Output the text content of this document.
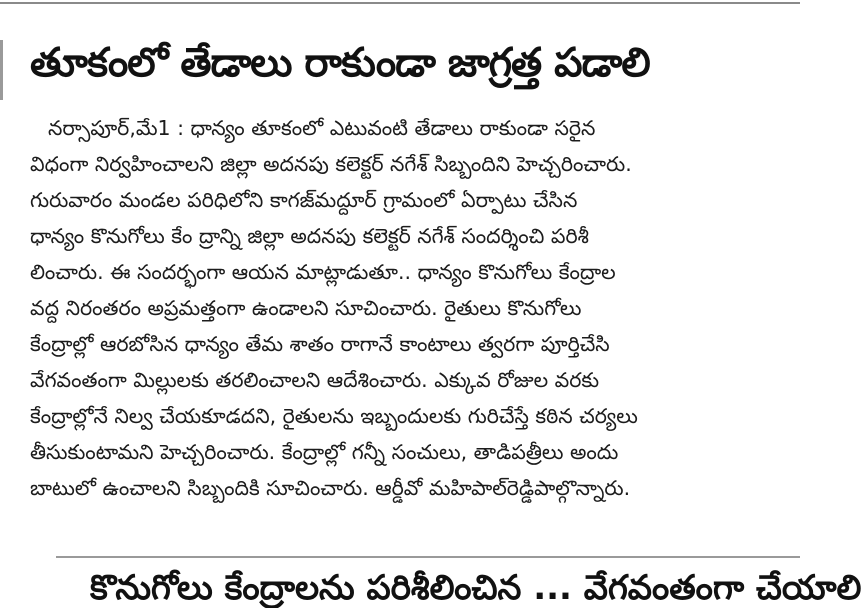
తూకంలో తేడాలు రాకుండా జాగ్రత్త పడాలి
నర్సాపూర్,మే1 : ధాన్యం తూకంలో ఎటువంటి తేడాలు రాకుండా సరైన
విధంగా నిర్వహించాలని జిల్లా అదనపు కలెక్టర్ నగేశ్ సిబ్బందిని హెచ్చరించారు.
గురువారం మండల పరిధిలోని కాగజ్‌మద్దూర్ గ్రామంలో ఏర్పాటు చేసిన
ధాన్యం కొనుగోలు కేం ద్రాన్ని జిల్లా అదనపు కలెక్టర్ నగేశ్ సందర్శించి పరిశీ
లించారు. ఈ సందర్భంగా ఆయన మాట్లాడుతూ.. ధాన్యం కొనుగోలు కేంద్రాల
వద్ద నిరంతరం అప్రమత్తంగా ఉండాలని సూచించారు. రైతులు కొనుగోలు
కేంద్రాల్లో ఆరబోసిన ధాన్యం తేమ శాతం రాగానే కాంటాలు త్వరగా పూర్తిచేసి
వేగవంతంగా మిల్లులకు తరలించాలని ఆదేశించారు. ఎక్కువ రోజుల వరకు
కేంద్రాల్లోనే నిల్వ చేయకూడదని, రైతులను ఇబ్బందులకు గురిచేస్తే కఠిన చర్యలు
తీసుకుంటామని హెచ్చరించారు. కేంద్రాల్లో గన్నీ సంచులు, తాడిపత్రీలు అందు
బాటులో ఉంచాలని సిబ్బందికి సూచించారు. ఆర్డీవో మహిపాల్‌రెడ్డిపాల్గొన్నారు.
కొనుగోలు కేంద్రాలను పరిశీలించిన ... వేగవంతంగా చేయాలి
